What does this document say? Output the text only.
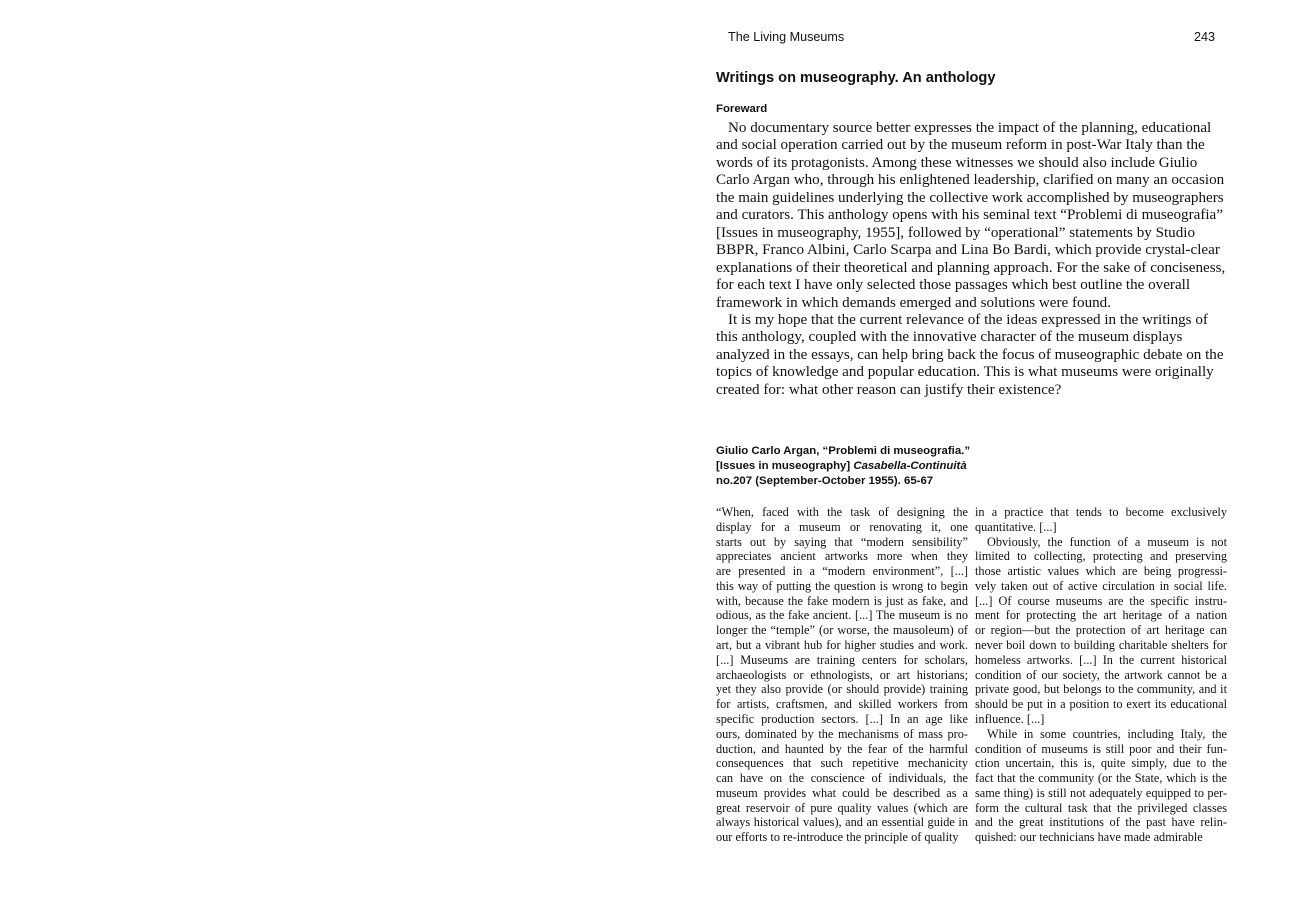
The Living Museums	243
Writings on museography. An anthology
Foreward

No documentary source better expresses the impact of the planning, educational and social operation carried out by the museum reform in post-War Italy than the words of its protagonists. Among these witnesses we should also include Giulio Carlo Argan who, through his enlightened leadership, clarified on many an occasion the main guidelines underlying the collective work accomplished by museographers and curators. This anthology opens with his seminal text “Problemi di museografia” [Issues in museography, 1955], followed by “operational” statements by Studio BBPR, Franco Albini, Carlo Scarpa and Lina Bo Bardi, which provide crystal-clear explanations of their theoretical and planning approach. For the sake of conciseness, for each text I have only selected those passages which best outline the overall framework in which demands emerged and solutions were found.

It is my hope that the current relevance of the ideas expressed in the writings of this anthology, coupled with the innovative character of the museum displays analyzed in the essays, can help bring back the focus of museographic debate on the topics of knowledge and popular education. This is what museums were originally created for: what other reason can justify their existence?

Giulio Carlo Argan, “Problemi di museografia.”
[Issues in museography] Casabella-Continuità
no.207 (September-October 1955). 65-67
“When, faced with the task of designing the
display for a museum or renovating it, one
starts out by saying that “modern sensibility”
appreciates ancient artworks more when they
are presented in a “modern environment”, [...]
this way of putting the question is wrong to begin
with, because the fake modern is just as fake, and
odious, as the fake ancient. [...] The museum is no
longer the “temple” (or worse, the mausoleum) of
art, but a vibrant hub for higher studies and work.
[...] Museums are training centers for scholars,
archaeologists or ethnologists, or art historians;
yet they also provide (or should provide) training
for artists, craftsmen, and skilled workers from
specific production sectors. [...] In an age like
ours, dominated by the mechanisms of mass pro-
duction, and haunted by the fear of the harmful
consequences that such repetitive mechanicity
can have on the conscience of individuals, the
museum provides what could be described as a
great reservoir of pure quality values (which are
always historical values), and an essential guide in
our efforts to re-introduce the principle of quality
in a practice that tends to become exclusively
quantitative. [...]
Obviously, the function of a museum is not
limited to collecting, protecting and preserving
those artistic values which are being progressi-
vely taken out of active circulation in social life.
[...] Of course museums are the specific instru-
ment for protecting the art heritage of a nation
or region—but the protection of art heritage can
never boil down to building charitable shelters for
homeless artworks. [...] In the current historical
condition of our society, the artwork cannot be a
private good, but belongs to the community, and it
should be put in a position to exert its educational
influence. [...]
While in some countries, including Italy, the
condition of museums is still poor and their fun-
ction uncertain, this is, quite simply, due to the
fact that the community (or the State, which is the
same thing) is still not adequately equipped to per-
form the cultural task that the privileged classes
and the great institutions of the past have relin-
quished: our technicians have made admirable
